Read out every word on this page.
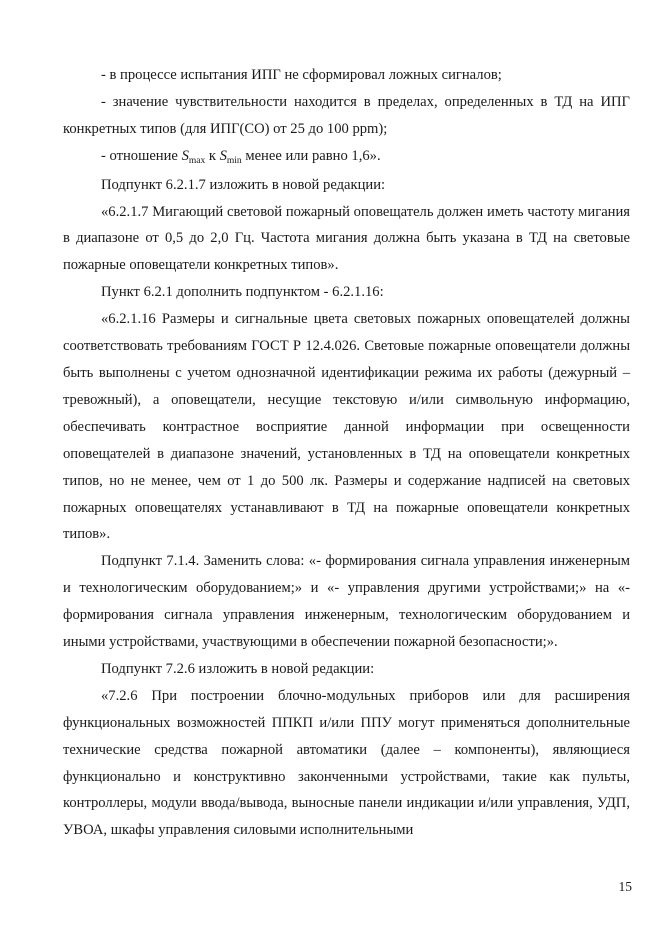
- в процессе испытания ИПГ не сформировал ложных сигналов;

- значение чувствительности находится в пределах, определенных в ТД на ИПГ конкретных типов (для ИПГ(СО) от 25 до 100 ppm);

- отношение $S_{max}$ к $S_{min}$ менее или равно 1,6».

Подпункт 6.2.1.7 изложить в новой редакции:

«6.2.1.7 Мигающий световой пожарный оповещатель должен иметь частоту мигания в диапазоне от 0,5 до 2,0 Гц. Частота мигания должна быть указана в ТД на световые пожарные оповещатели конкретных типов».

Пункт 6.2.1 дополнить подпунктом - 6.2.1.16:

«6.2.1.16 Размеры и сигнальные цвета световых пожарных оповещателей должны соответствовать требованиям ГОСТ Р 12.4.026. Световые пожарные оповещатели должны быть выполнены с учетом однозначной идентификации режима их работы (дежурный – тревожный), а оповещатели, несущие текстовую и/или символьную информацию, обеспечивать контрастное восприятие данной информации при освещенности оповещателей в диапазоне значений, установленных в ТД на оповещатели конкретных типов, но не менее, чем от 1 до 500 лк. Размеры и содержание надписей на световых пожарных оповещателях устанавливают в ТД на пожарные оповещатели конкретных типов».

Подпункт 7.1.4. Заменить слова: «- формирования сигнала управления инженерным и технологическим оборудованием;» и «- управления другими устройствами;» на «- формирования сигнала управления инженерным, технологическим оборудованием и иными устройствами, участвующими в обеспечении пожарной безопасности;».

Подпункт 7.2.6 изложить в новой редакции:

«7.2.6 При построении блочно-модульных приборов или для расширения функциональных возможностей ППКП и/или ППУ могут применяться дополнительные технические средства пожарной автоматики (далее – компоненты), являющиеся функционально и конструктивно законченными устройствами, такие как пульты, контроллеры, модули ввода/вывода, выносные панели индикации и/или управления, УДП, УВОА, шкафы управления силовыми исполнительными

15
